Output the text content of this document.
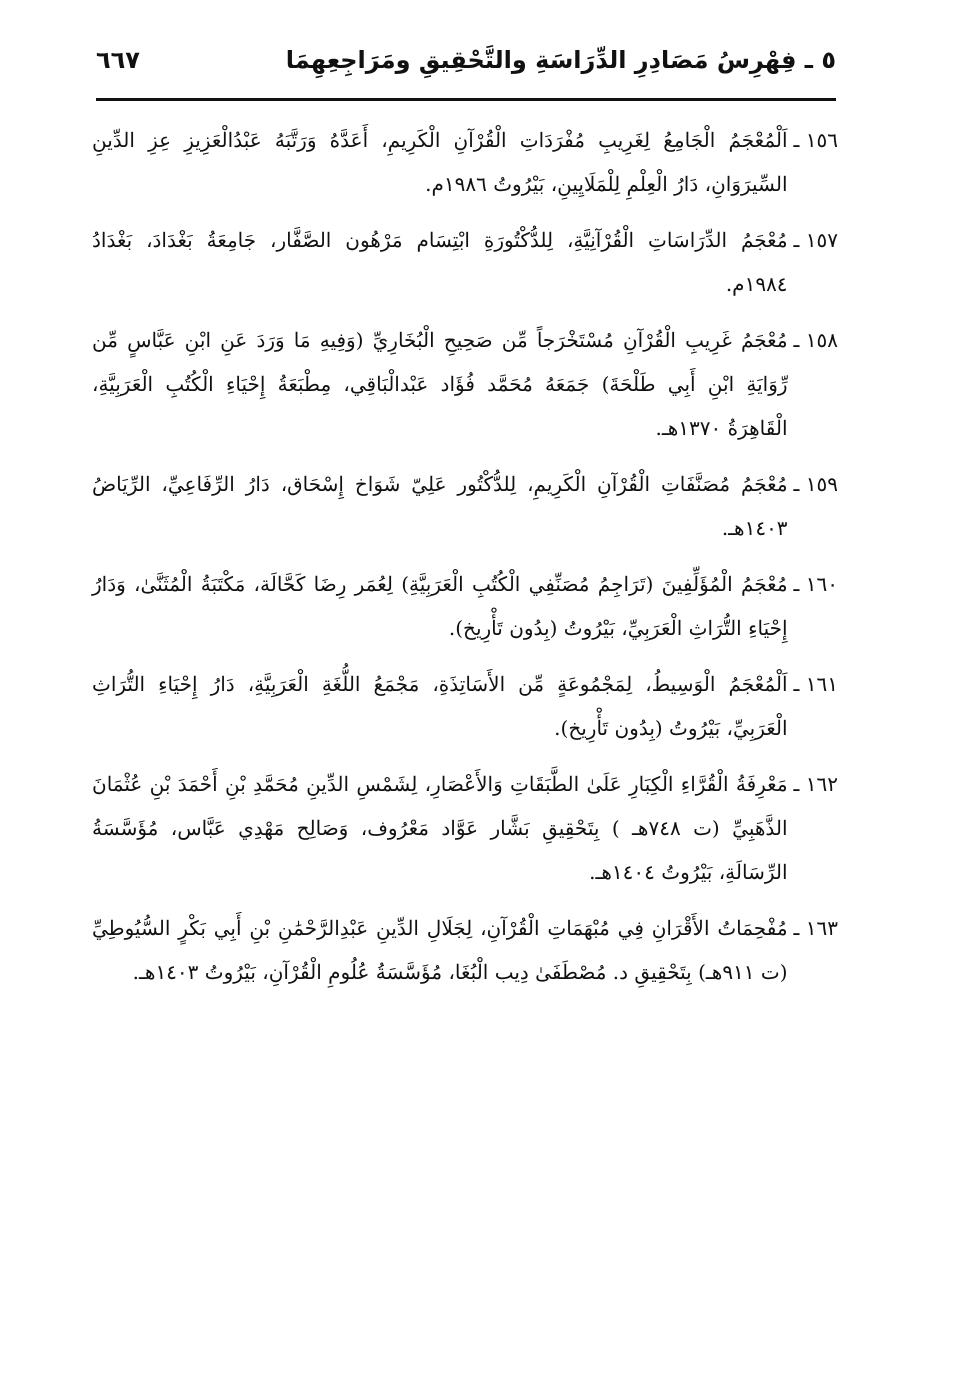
٥ ـ فِهْرِسُ مَصَادِرِ الدِّرَاسَةِ والتَّحْقِيقِ ومَرَاجِعِهِمَا
٦٦٧
١٥٦ ـ
اَلْمُعْجَمُ الْجَامِعُ لِغَرِيبِ مُفْرَدَاتِ الْقُرْآنِ الْكَرِيمِ، أَعَدَّهُ وَرَتَّبَهُ عَبْدُالْعَزِيزِ عِزِ الدِّينِ السِّيرَوَانِ، دَارُ الْعِلْمِ لِلْمَلَايِينِ، بَيْرُوتُ ١٩٨٦م.
١٥٧ ـ
مُعْجَمُ الدِّرَاسَاتِ الْقُرْآنِيَّةِ، لِلدُّكْتُورَةِ ابْتِسَام مَرْهُون الصَّفَّار، جَامِعَةُ بَغْدَادَ، بَغْدَادُ ١٩٨٤م.
١٥٨ ـ
مُعْجَمُ غَرِيبِ الْقُرْآنِ مُسْتَخْرَجاً مِّن صَحِيحِ الْبُخَارِيِّ (وَفِيهِ مَا وَرَدَ عَنِ ابْنِ عَبَّاسٍ مِّن رِّوَايَةِ ابْنِ أَبِي طَلْحَةَ) جَمَعَهُ مُحَمَّد فُؤَاد عَبْدالْبَاقِي، مِطْبَعَةُ إِحْيَاءِ الْكُتُبِ الْعَرَبِيَّةِ، الْقَاهِرَةُ ١٣٧٠هـ.
١٥٩ ـ
مُعْجَمُ مُصَنَّفَاتِ الْقُرْآنِ الْكَرِيمِ، لِلدُّكْتُور عَلِيّ شَوَاخ إِسْحَاق، دَارُ الرِّفَاعِيِّ، الرِّيَاضُ ١٤٠٣هـ.
١٦٠ ـ
مُعْجَمُ الْمُؤَلِّفِينَ (تَرَاجِمُ مُصَنِّفِي الْكُتُبِ الْعَرَبِيَّةِ) لِعُمَر رِضَا كَحَّالَة، مَكْتَبَةُ الْمُثَنَّىٰ، وَدَارُ إِحْيَاءِ التُّرَاثِ الْعَرَبِيِّ، بَيْرُوتُ (بِدُون تَأْرِيخ).
١٦١ ـ
اَلْمُعْجَمُ الْوَسِيطُ، لِمَجْمُوعَةٍ مِّن الأَسَاتِذَةِ، مَجْمَعُ اللُّغَةِ الْعَرَبِيَّةِ، دَارُ إِحْيَاءِ التُّرَاثِ الْعَرَبِيِّ، بَيْرُوتُ (بِدُون تَأْرِيخ).
١٦٢ ـ
مَعْرِفَةُ الْقُرَّاءِ الْكِبَارِ عَلَىٰ الطَّبَقَاتِ وَالأَعْصَارِ، لِشَمْسِ الدِّينِ مُحَمَّدِ بْنِ أَحْمَدَ بْنِ عُثْمَانَ الذَّهَبِيِّ (ت ٧٤٨هـ ) بِتَحْقِيقِ بَشَّار عَوَّاد مَعْرُوف، وَصَالِح مَهْدِي عَبَّاس، مُؤَسَّسَةُ الرِّسَالَةِ، بَيْرُوتُ ١٤٠٤هـ.
١٦٣ ـ
مُفْحِمَاتُ الأَقْرَانِ فِي مُبْهَمَاتِ الْقُرْآنِ، لِجَلَالِ الدِّينِ عَبْدِالرَّحْمَٰنِ بْنِ أَبِي بَكْرٍ السُّيُوطِيِّ (ت ٩١١هـ) بِتَحْقِيقِ د. مُصْطَفَىٰ دِيب الْبُغَا، مُؤَسَّسَةُ عُلُومِ الْقُرْآنِ، بَيْرُوتُ ١٤٠٣هـ.
